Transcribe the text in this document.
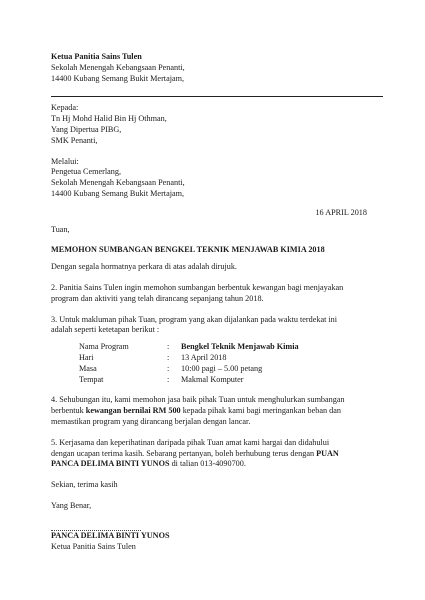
Ketua Panitia Sains Tulen
Sekolah Menengah Kebangsaan Penanti,
14400 Kubang Semang Bukit Mertajam,
Kepada:
Tn Hj Mohd Halid Bin Hj Othman,
Yang Dipertua PIBG,
SMK Penanti,
Melalui:
Pengetua Cemerlang,
Sekolah Menengah Kebangsaan Penanti,
14400 Kubang Semang Bukit Mertajam,
16 APRIL 2018
Tuan,
MEMOHON SUMBANGAN BENGKEL TEKNIK MENJAWAB KIMIA 2018
Dengan segala hormatnya perkara di atas adalah dirujuk.
2. Panitia Sains Tulen ingin memohon sumbangan berbentuk kewangan bagi menjayakan
program dan aktiviti yang telah dirancang sepanjang tahun 2018.
3. Untuk makluman pihak Tuan, program yang akan dijalankan pada waktu terdekat ini
adalah seperti ketetapan berikut :
Nama Program	:	Bengkel Teknik Menjawab Kimia
Hari	:	13 April 2018
Masa	:	10:00 pagi – 5.00 petang
Tempat	:	Makmal Komputer
4. Sehubungan itu, kami memohon jasa baik pihak Tuan untuk menghulurkan sumbangan
berbentuk kewangan bernilai RM 500 kepada pihak kami bagi meringankan beban dan
memastikan program yang dirancang berjalan dengan lancar.
5. Kerjasama dan keperihatinan daripada pihak Tuan amat kami hargai dan didahului
dengan ucapan terima kasih. Sebarang pertanyan, boleh berhubung terus dengan PUAN
PANCA DELIMA BINTI YUNOS di talian 013-4090700.
Sekian, terima kasih
Yang Benar,
PANCA DELIMA BINTI YUNOS
Ketua Panitia Sains Tulen
